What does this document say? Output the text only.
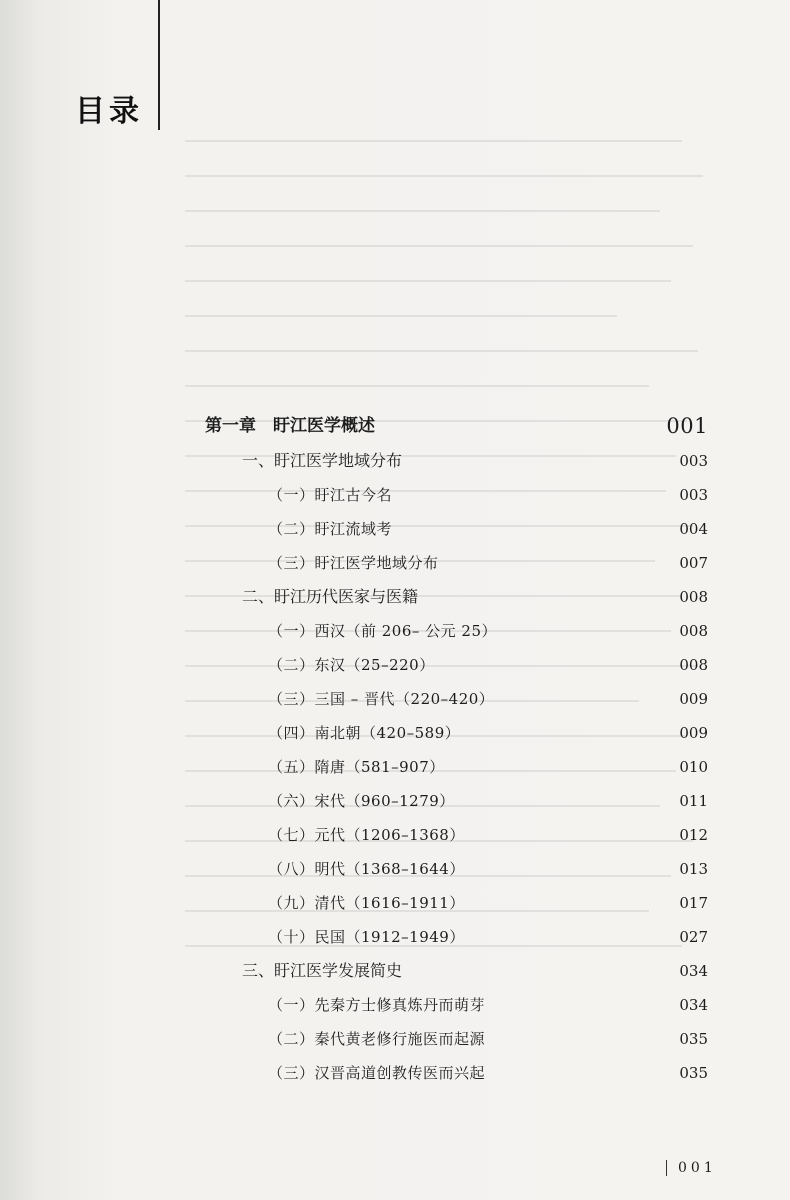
目录
第一章　盱江医学概述	001
一、盱江医学地域分布	003
（一）盱江古今名	003
（二）盱江流域考	004
（三）盱江医学地域分布	007
二、盱江历代医家与医籍	008
（一）西汉（前 206– 公元 25）	008
（二）东汉（25–220）	008
（三）三国 – 晋代（220–420）	009
（四）南北朝（420–589）	009
（五）隋唐（581–907）	010
（六）宋代（960–1279）	011
（七）元代（1206–1368）	012
（八）明代（1368–1644）	013
（九）清代（1616–1911）	017
（十）民国（1912–1949）	027
三、盱江医学发展简史	034
（一）先秦方士修真炼丹而萌芽	034
（二）秦代黄老修行施医而起源	035
（三）汉晋高道创教传医而兴起	035
001
